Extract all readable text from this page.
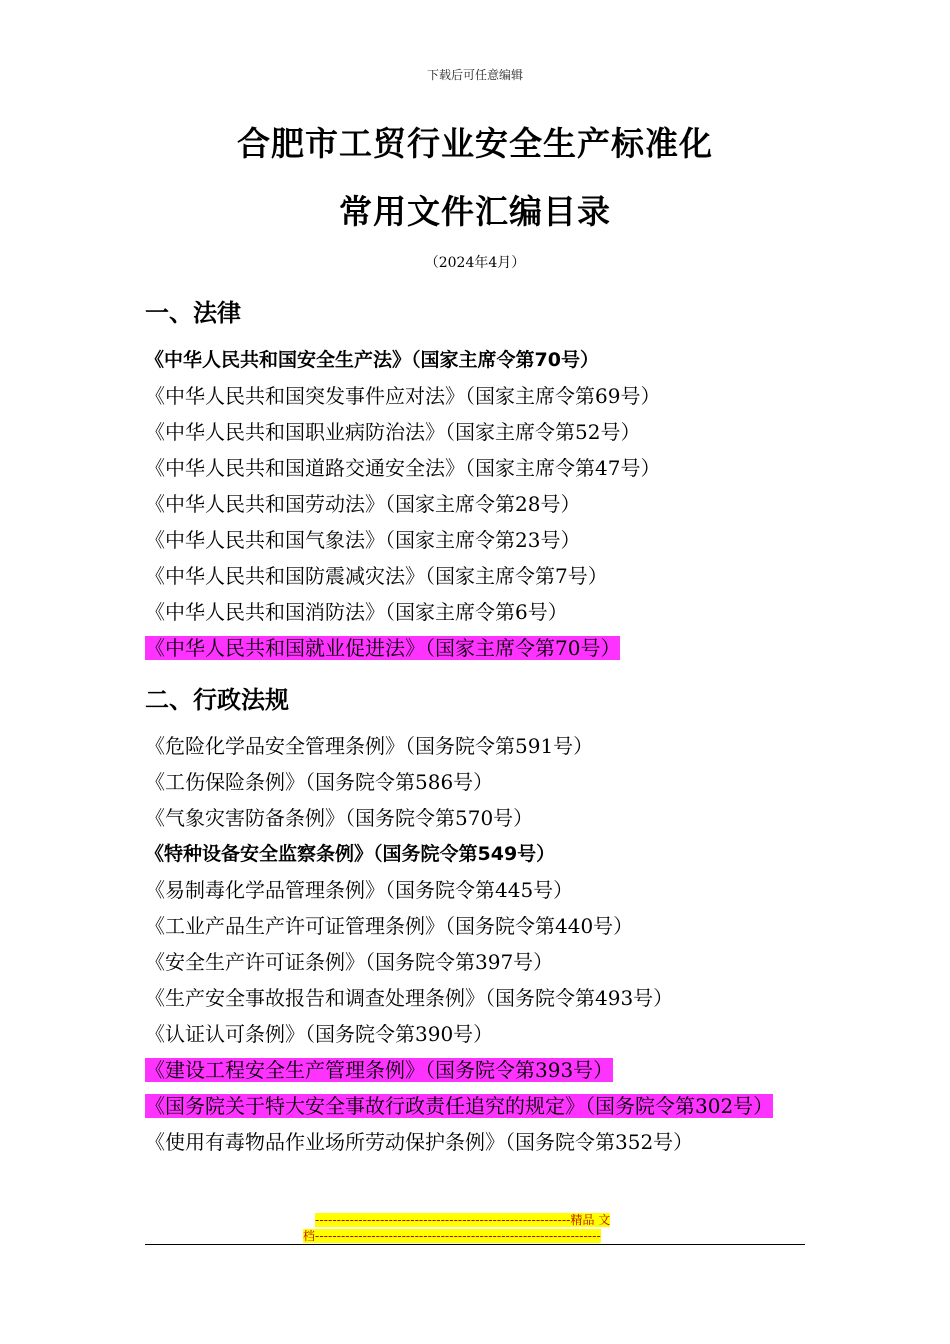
下载后可任意编辑
合肥市工贸行业安全生产标准化
常用文件汇编目录
（2024年4月）
一、法律
《中华人民共和国安全生产法》（国家主席令第70号）
《中华人民共和国突发事件应对法》（国家主席令第69号）
《中华人民共和国职业病防治法》（国家主席令第52号）
《中华人民共和国道路交通安全法》（国家主席令第47号）
《中华人民共和国劳动法》（国家主席令第28号）
《中华人民共和国气象法》（国家主席令第23号）
《中华人民共和国防震减灾法》（国家主席令第7号）
《中华人民共和国消防法》（国家主席令第6号）
《中华人民共和国就业促进法》（国家主席令第70号）
二、行政法规
《危险化学品安全管理条例》（国务院令第591号）
《工伤保险条例》（国务院令第586号）
《气象灾害防备条例》（国务院令第570号）
《特种设备安全监察条例》（国务院令第549号）
《易制毒化学品管理条例》（国务院令第445号）
《工业产品生产许可证管理条例》（国务院令第440号）
《安全生产许可证条例》（国务院令第397号）
《生产安全事故报告和调查处理条例》（国务院令第493号）
《认证认可条例》（国务院令第390号）
《建设工程安全生产管理条例》（国务院令第393号）
《国务院关于特大安全事故行政责任追究的规定》（国务院令第302号）
《使用有毒物品作业场所劳动保护条例》（国务院令第352号）
-----------------------------------------------------------精品 文
档------------------------------------------------------------------
